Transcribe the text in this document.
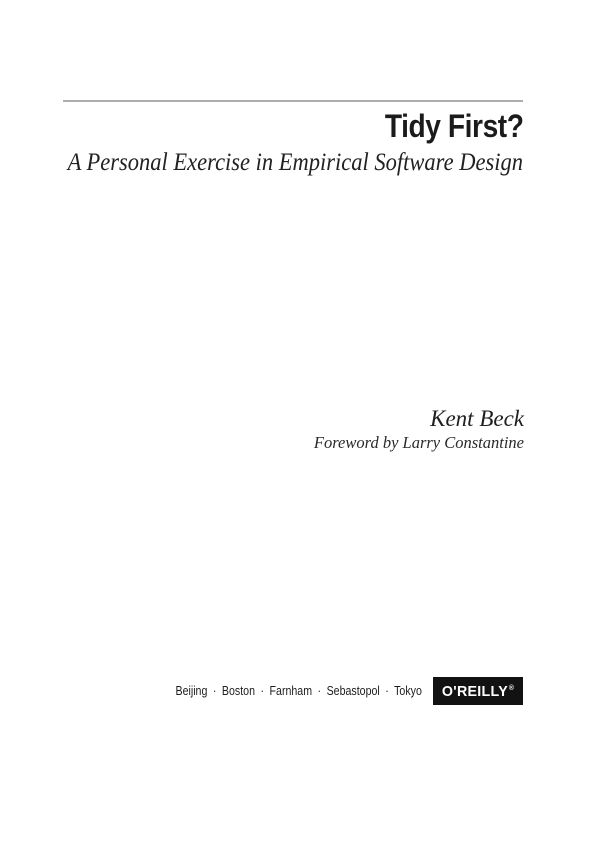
Tidy First?
A Personal Exercise in Empirical Software Design
Kent Beck
Foreword by Larry Constantine
Beijing · Boston · Farnham · Sebastopol · Tokyo O'REILLY®
